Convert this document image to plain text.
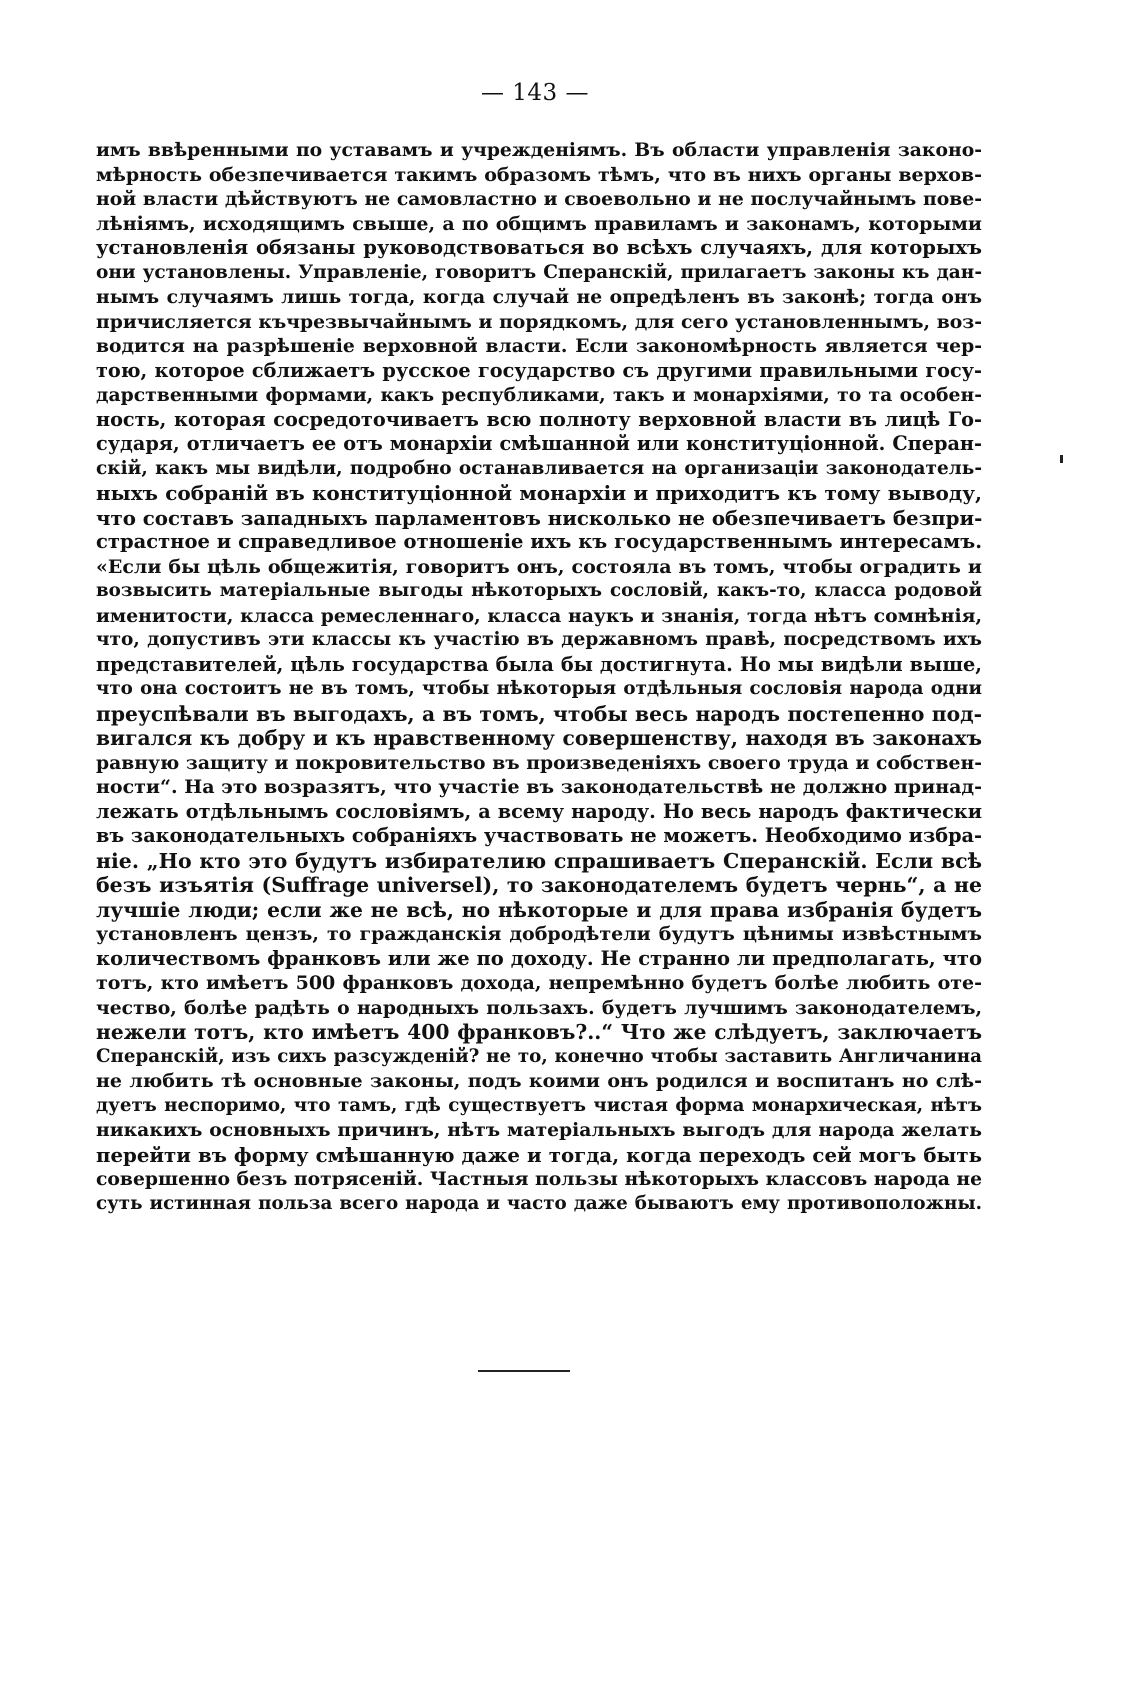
— 143 —
имъ ввѣренными по уставамъ и учрежденіямъ. Въ области управленія законо-
мѣрность обезпечивается такимъ образомъ тѣмъ, что въ нихъ органы верхов-
ной власти дѣйствуютъ не самовластно и своевольно и не послучайнымъ пове-
лѣніямъ, исходящимъ свыше, а по общимъ правиламъ и законамъ, которыми
установленія обязаны руководствоваться во всѣхъ случаяхъ, для которыхъ
они установлены. Управленіе, говоритъ Сперанскій, прилагаетъ законы къ дан-
нымъ случаямъ лишь тогда, когда случай не опредѣленъ въ законѣ; тогда онъ
причисляется къчрезвычайнымъ и порядкомъ, для сего установленнымъ, воз-
водится на разрѣшеніе верховной власти. Если закономѣрность является чер-
тою, которое сближаетъ русское государство съ другими правильными госу-
дарственными формами, какъ республиками, такъ и монархіями, то та особен-
ность, которая сосредоточиваетъ всю полноту верховной власти въ лицѣ Го-
сударя, отличаетъ ее отъ монархіи смѣшанной или конституціонной. Сперан-
скій, какъ мы видѣли, подробно останавливается на организаціи законодатель-
ныхъ собраній въ конституціонной монархіи и приходитъ къ тому выводу,
что составъ западныхъ парламентовъ нисколько не обезпечиваетъ безпри-
страстное и справедливое отношеніе ихъ къ государственнымъ интересамъ.
«Если бы цѣль общежитія, говоритъ онъ, состояла въ томъ, чтобы оградить и
возвысить матеріальные выгоды нѣкоторыхъ сословій, какъ-то, класса родовой
именитости, класса ремесленнаго, класса наукъ и знанія, тогда нѣтъ сомнѣнія,
что, допустивъ эти классы къ участію въ державномъ правѣ, посредствомъ ихъ
представителей, цѣль государства была бы достигнута. Но мы видѣли выше,
что она состоитъ не въ томъ, чтобы нѣкоторыя отдѣльныя сословія народа одни
преуспѣвали въ выгодахъ, а въ томъ, чтобы весь народъ постепенно под-
вигался къ добру и къ нравственному совершенству, находя въ законахъ
равную защиту и покровительство въ произведеніяхъ своего труда и собствен-
ности“. На это возразятъ, что участіе въ законодательствѣ не должно принад-
лежать отдѣльнымъ сословіямъ, а всему народу. Но весь народъ фактически
въ законодательныхъ собраніяхъ участвовать не можетъ. Необходимо избра-
ніе. „Но кто это будутъ избирателию спрашиваетъ Сперанскій. Если всѣ
безъ изъятія (Suffrage universel), то законодателемъ будетъ чернь“, а не
лучшіе люди; если же не всѣ, но нѣкоторые и для права избранія будетъ
установленъ цензъ, то гражданскія добродѣтели будутъ цѣнимы извѣстнымъ
количествомъ франковъ или же по доходу. Не странно ли предполагать, что
тотъ, кто имѣетъ 500 франковъ дохода, непремѣнно будетъ болѣе любить оте-
чество, болѣе радѣть о народныхъ пользахъ. будетъ лучшимъ законодателемъ,
нежели тотъ, кто имѣетъ 400 франковъ?..“ Что же слѣдуетъ, заключаетъ
Сперанскій, изъ сихъ разсужденій? не то, конечно чтобы заставить Англичанина
не любить тѣ основные законы, подъ коими онъ родился и воспитанъ но слѣ-
дуетъ неспоримо, что тамъ, гдѣ существуетъ чистая форма монархическая, нѣтъ
никакихъ основныхъ причинъ, нѣтъ матеріальныхъ выгодъ для народа желать
перейти въ форму смѣшанную даже и тогда, когда переходъ сей могъ быть
совершенно безъ потрясеній. Частныя пользы нѣкоторыхъ классовъ народа не
суть истинная польза всего народа и часто даже бываютъ ему противоположны.
